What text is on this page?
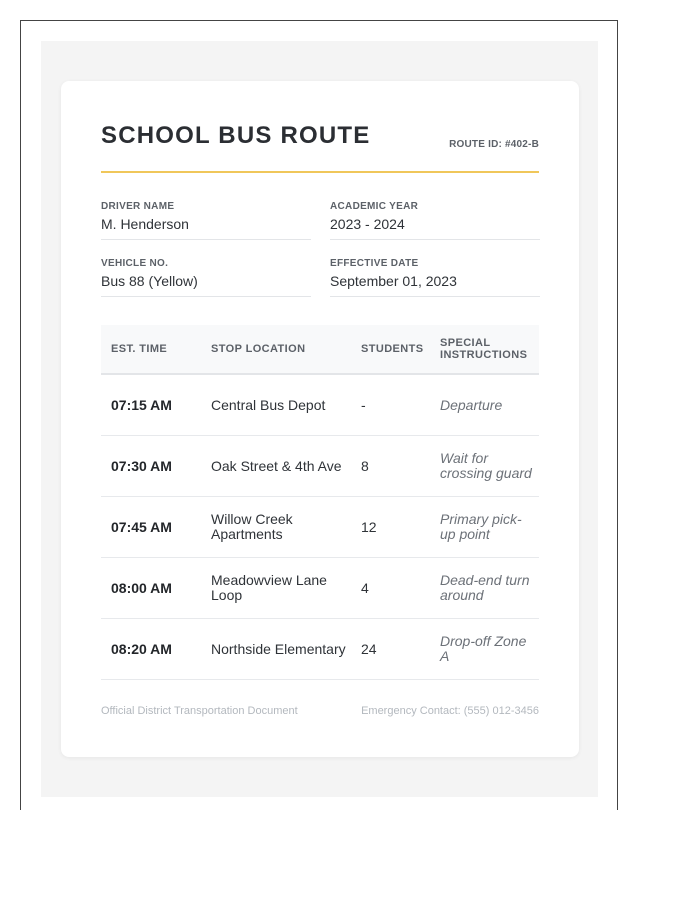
SCHOOL BUS ROUTE	ROUTE ID: #402-B
DRIVER NAME
M. Henderson
ACADEMIC YEAR
2023 - 2024
VEHICLE NO.
Bus 88 (Yellow)
EFFECTIVE DATE
September 01, 2023
EST. TIME	STOP LOCATION	STUDENTS	SPECIAL INSTRUCTIONS
07:15 AM	Central Bus Depot	-	Departure
07:30 AM	Oak Street & 4th Ave	8	Wait for crossing guard
07:45 AM	Willow Creek Apartments	12	Primary pick-up point
08:00 AM	Meadowview Lane Loop	4	Dead-end turn around
08:20 AM	Northside Elementary	24	Drop-off Zone A
Official District Transportation Document	Emergency Contact: (555) 012-3456
